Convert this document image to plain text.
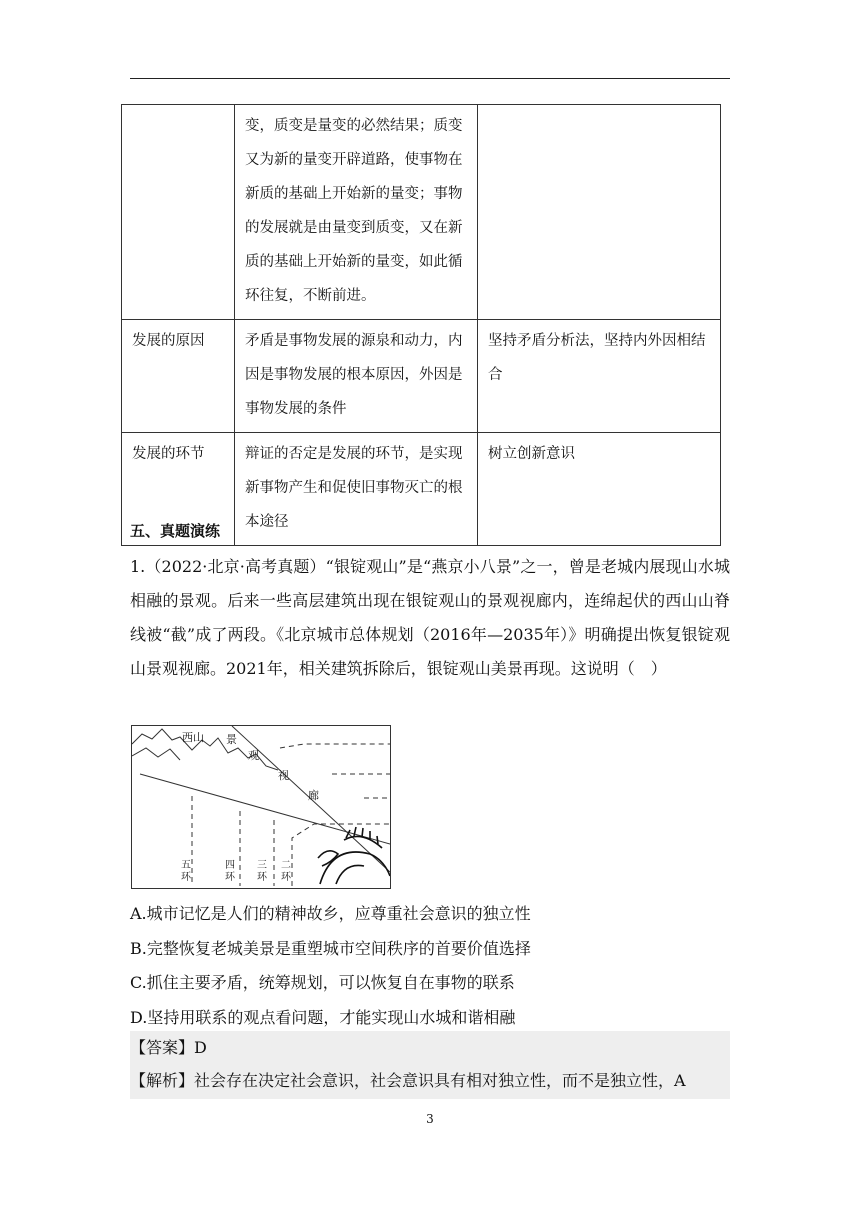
	变，质变是量变的必然结果；质变又为新的量变开辟道路，使事物在新质的基础上开始新的量变；事物的发展就是由量变到质变，又在新质的基础上开始新的量变，如此循环往复，不断前进。	
发展的原因	矛盾是事物发展的源泉和动力，内因是事物发展的根本原因，外因是事物发展的条件	坚持矛盾分析法，坚持内外因相结合
发展的环节	辩证的否定是发展的环节，是实现新事物产生和促使旧事物灭亡的根本途径	树立创新意识
五、真题演练
1.（2022·北京·高考真题）“银锭观山”是“燕京小八景”之一，曾是老城内展现山水城相融的景观。后来一些高层建筑出现在银锭观山的景观视廊内，连绵起伏的西山山脊线被“截”成了两段。《北京城市总体规划（2016年—2035年）》明确提出恢复银锭观山景观视廊。2021年，相关建筑拆除后，银锭观山美景再现。这说明（　）
西山 景
观
视
廊
五环
四环
三环
二环
A.城市记忆是人们的精神故乡，应尊重社会意识的独立性
B.完整恢复老城美景是重塑城市空间秩序的首要价值选择
C.抓住主要矛盾，统筹规划，可以恢复自在事物的联系
D.坚持用联系的观点看问题，才能实现山水城和谐相融
【答案】D
【解析】社会存在决定社会意识，社会意识具有相对独立性，而不是独立性，A
3
